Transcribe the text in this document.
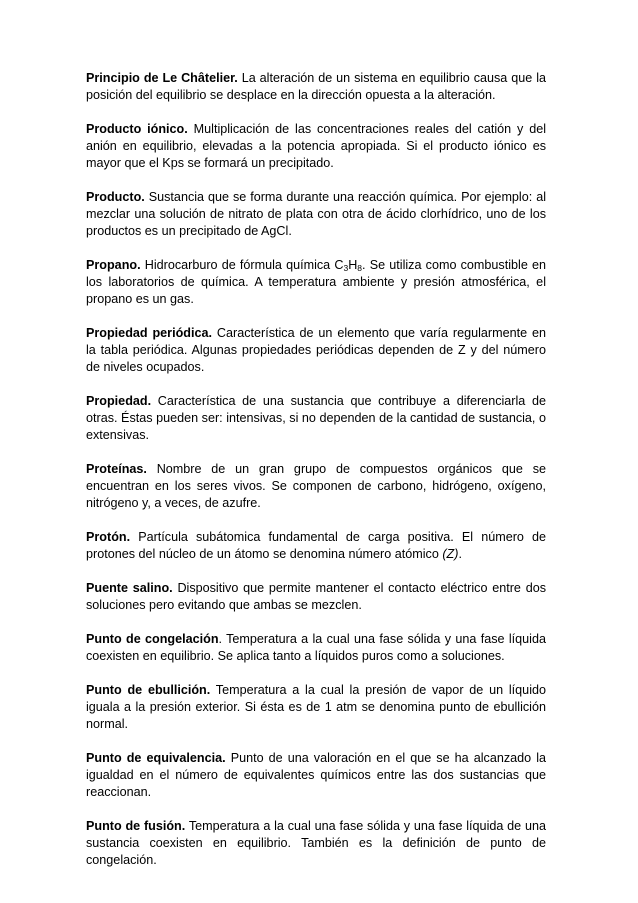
Principio de Le Châtelier. La alteración de un sistema en equilibrio causa que la posición del equilibrio se desplace en la dirección opuesta a la alteración.

Producto iónico. Multiplicación de las concentraciones reales del catión y del anión en equilibrio, elevadas a la potencia apropiada. Si el producto iónico es mayor que el Kps se formará un precipitado.

Producto. Sustancia que se forma durante una reacción química. Por ejemplo: al mezclar una solución de nitrato de plata con otra de ácido clorhídrico, uno de los productos es un precipitado de AgCl.

Propano. Hidrocarburo de fórmula química $C_3H_8$. Se utiliza como combustible en los laboratorios de química. A temperatura ambiente y presión atmosférica, el propano es un gas.

Propiedad periódica. Característica de un elemento que varía regularmente en la tabla periódica. Algunas propiedades periódicas dependen de Z y del número de niveles ocupados.

Propiedad. Característica de una sustancia que contribuye a diferenciarla de otras. Éstas pueden ser: intensivas, si no dependen de la cantidad de sustancia, o extensivas.

Proteínas. Nombre de un gran grupo de compuestos orgánicos que se encuentran en los seres vivos. Se componen de carbono, hidrógeno, oxígeno, nitrógeno y, a veces, de azufre.

Protón. Partícula subátomica fundamental de carga positiva. El número de protones del núcleo de un átomo se denomina número atómico (Z).

Puente salino. Dispositivo que permite mantener el contacto eléctrico entre dos soluciones pero evitando que ambas se mezclen.

Punto de congelación. Temperatura a la cual una fase sólida y una fase líquida coexisten en equilibrio. Se aplica tanto a líquidos puros como a soluciones.

Punto de ebullición. Temperatura a la cual la presión de vapor de un líquido iguala a la presión exterior. Si ésta es de 1 atm se denomina punto de ebullición normal.

Punto de equivalencia. Punto de una valoración en el que se ha alcanzado la igualdad en el número de equivalentes químicos entre las dos sustancias que reaccionan.

Punto de fusión. Temperatura a la cual una fase sólida y una fase líquida de una sustancia coexisten en equilibrio. También es la definición de punto de congelación.
